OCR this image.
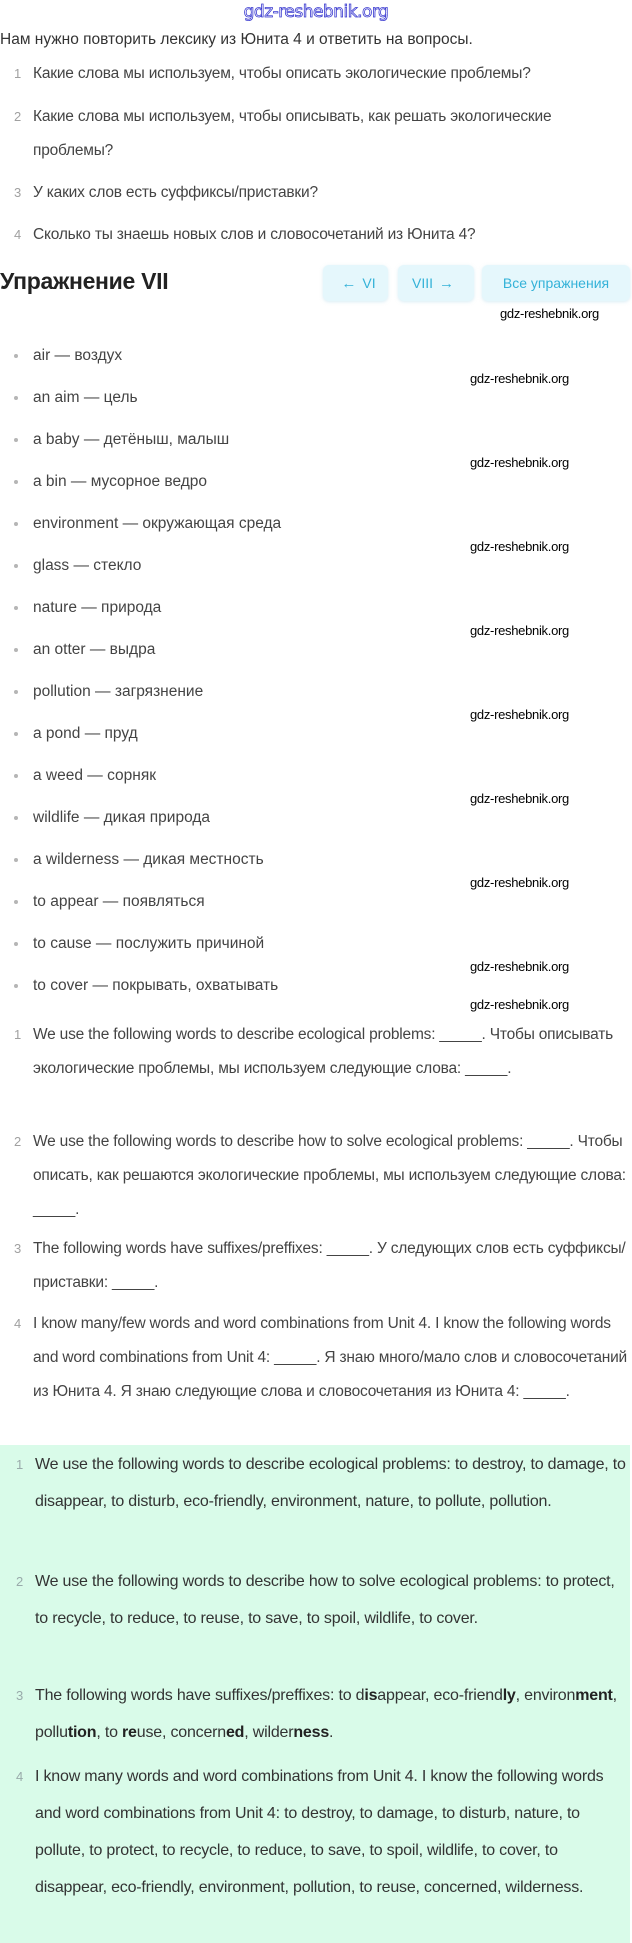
gdz-reshebnik.org
Нам нужно повторить лексику из Юнита 4 и ответить на вопросы.
1 Какие слова мы используем, чтобы описать экологические проблемы?
2 Какие слова мы используем, чтобы описывать, как решать экологические проблемы?
3 У каких слов есть суффиксы/приставки?
4 Сколько ты знаешь новых слов и словосочетаний из Юнита 4?
Упражнение VII	← VI	VIII →	Все упражнения
air — воздух
an aim — цель
a baby — детёныш, малыш
a bin — мусорное ведро
environment — окружающая среда
glass — стекло
nature — природа
an otter — выдра
pollution — загрязнение
a pond — пруд
a weed — сорняк
wildlife — дикая природа
a wilderness — дикая местность
to appear — появляться
to cause — послужить причиной
to cover — покрывать, охватывать
1 We use the following words to describe ecological problems: _____. Чтобы описывать экологические проблемы, мы используем следующие слова: _____.
2 We use the following words to describe how to solve ecological problems: _____. Чтобы описать, как решаются экологические проблемы, мы используем следующие слова: _____.
3 The following words have suffixes/preffixes: _____. У следующих слов есть суффиксы/приставки: _____.
4 I know many/few words and word combinations from Unit 4. I know the following words and word combinations from Unit 4: _____. Я знаю много/мало слов и словосочетаний из Юнита 4. Я знаю следующие слова и словосочетания из Юнита 4: _____.
1 We use the following words to describe ecological problems: to destroy, to damage, to disappear, to disturb, eco-friendly, environment, nature, to pollute, pollution.
2 We use the following words to describe how to solve ecological problems: to protect, to recycle, to reduce, to reuse, to save, to spoil, wildlife, to cover.
3 The following words have suffixes/preffixes: to disappear, eco-friendly, environment, pollution, to reuse, concerned, wilderness.
4 I know many words and word combinations from Unit 4. I know the following words and word combinations from Unit 4: to destroy, to damage, to disturb, nature, to pollute, to protect, to recycle, to reduce, to save, to spoil, wildlife, to cover, to disappear, eco-friendly, environment, pollution, to reuse, concerned, wilderness.
gdz-reshebnik.org
gdz-reshebnik.org
gdz-reshebnik.org
gdz-reshebnik.org
gdz-reshebnik.org
gdz-reshebnik.org
gdz-reshebnik.org
gdz-reshebnik.org
gdz-reshebnik.org
gdz-reshebnik.org
